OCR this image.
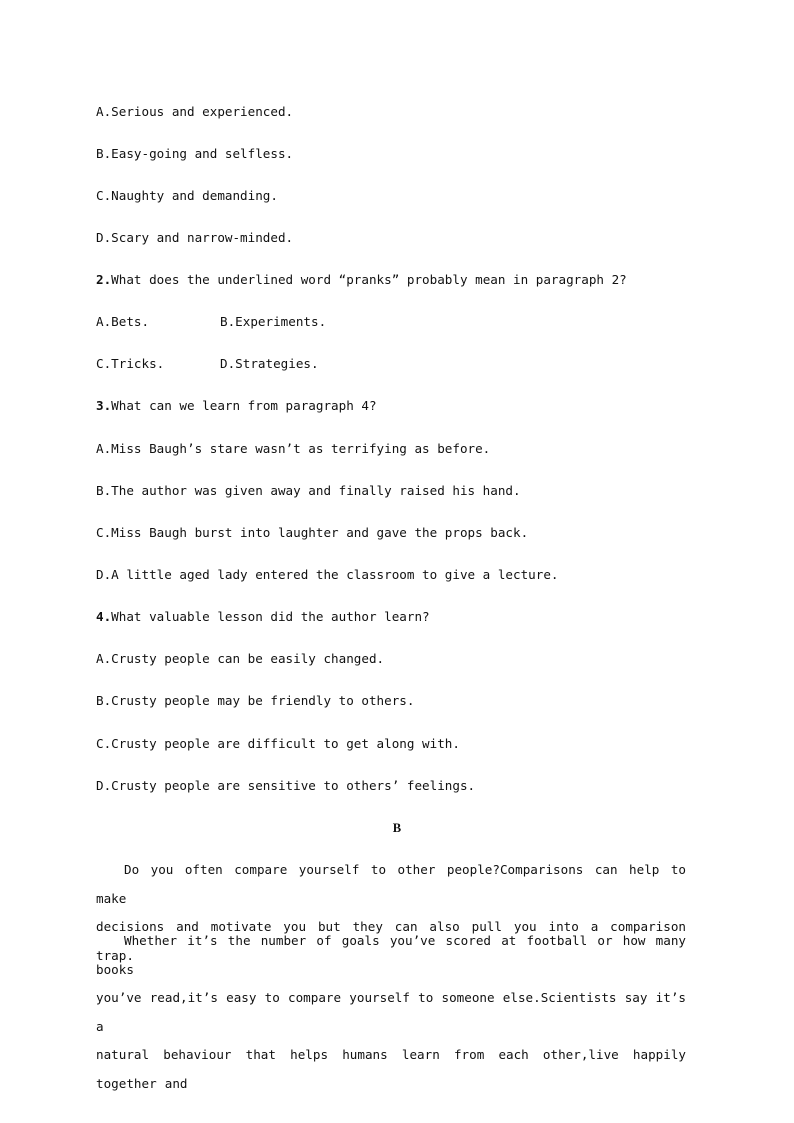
A.Serious and experienced.
B.Easy-going and selfless.
C.Naughty and demanding.
D.Scary and narrow-minded.
2.What does the underlined word “pranks” probably mean in paragraph 2?
A.Bets.	B.Experiments.
C.Tricks.	D.Strategies.
3.What can we learn from paragraph 4?
A.Miss Baugh’s stare wasn’t as terrifying as before.
B.The author was given away and finally raised his hand.
C.Miss Baugh burst into laughter and gave the props back.
D.A little aged lady entered the classroom to give a lecture.
4.What valuable lesson did the author learn?
A.Crusty people can be easily changed.
B.Crusty people may be friendly to others.
C.Crusty people are difficult to get along with.
D.Crusty people are sensitive to others’ feelings.
B
Do you often compare yourself to other people?Comparisons can help to make
decisions and motivate you but they can also pull you into a comparison trap.
Whether it’s the number of goals you’ve scored at football or how many books
you’ve read,it’s easy to compare yourself to someone else.Scientists say it’s a
natural behaviour that helps humans learn from each other,live happily together and
